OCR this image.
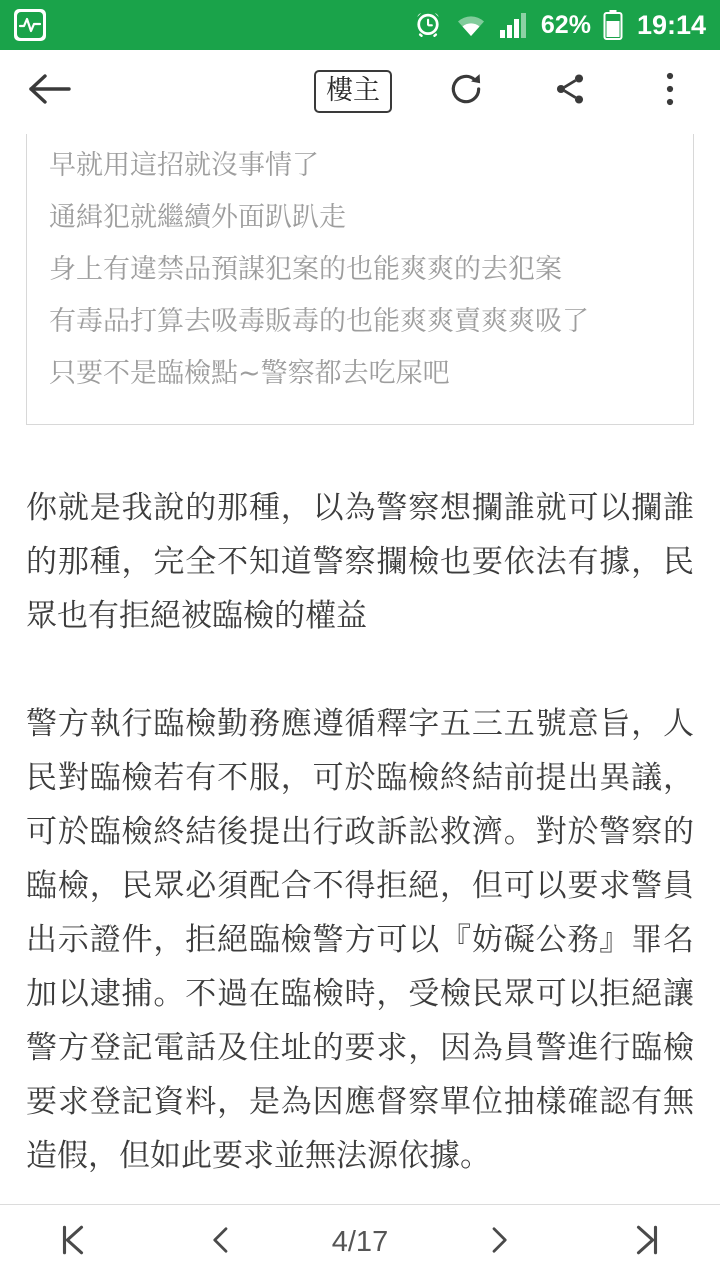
62% 19:14
樓主
早就用這招就沒事情了
通緝犯就繼續外面趴趴走
身上有違禁品預謀犯案的也能爽爽的去犯案
有毒品打算去吸毒販毒的也能爽爽賣爽爽吸了
只要不是臨檢點~警察都去吃屎吧
你就是我說的那種，以為警察想攔誰就可以攔誰的那種，完全不知道警察攔檢也要依法有據，民眾也有拒絕被臨檢的權益
警方執行臨檢勤務應遵循釋字五三五號意旨，人民對臨檢若有不服，可於臨檢終結前提出異議，可於臨檢終結後提出行政訴訟救濟。對於警察的臨檢，民眾必須配合不得拒絕，但可以要求警員出示證件，拒絕臨檢警方可以『妨礙公務』罪名加以逮捕。不過在臨檢時，受檢民眾可以拒絕讓警方登記電話及住址的要求，因為員警進行臨檢要求登記資料，是為因應督察單位抽樣確認有無造假，但如此要求並無法源依據。
4/17
